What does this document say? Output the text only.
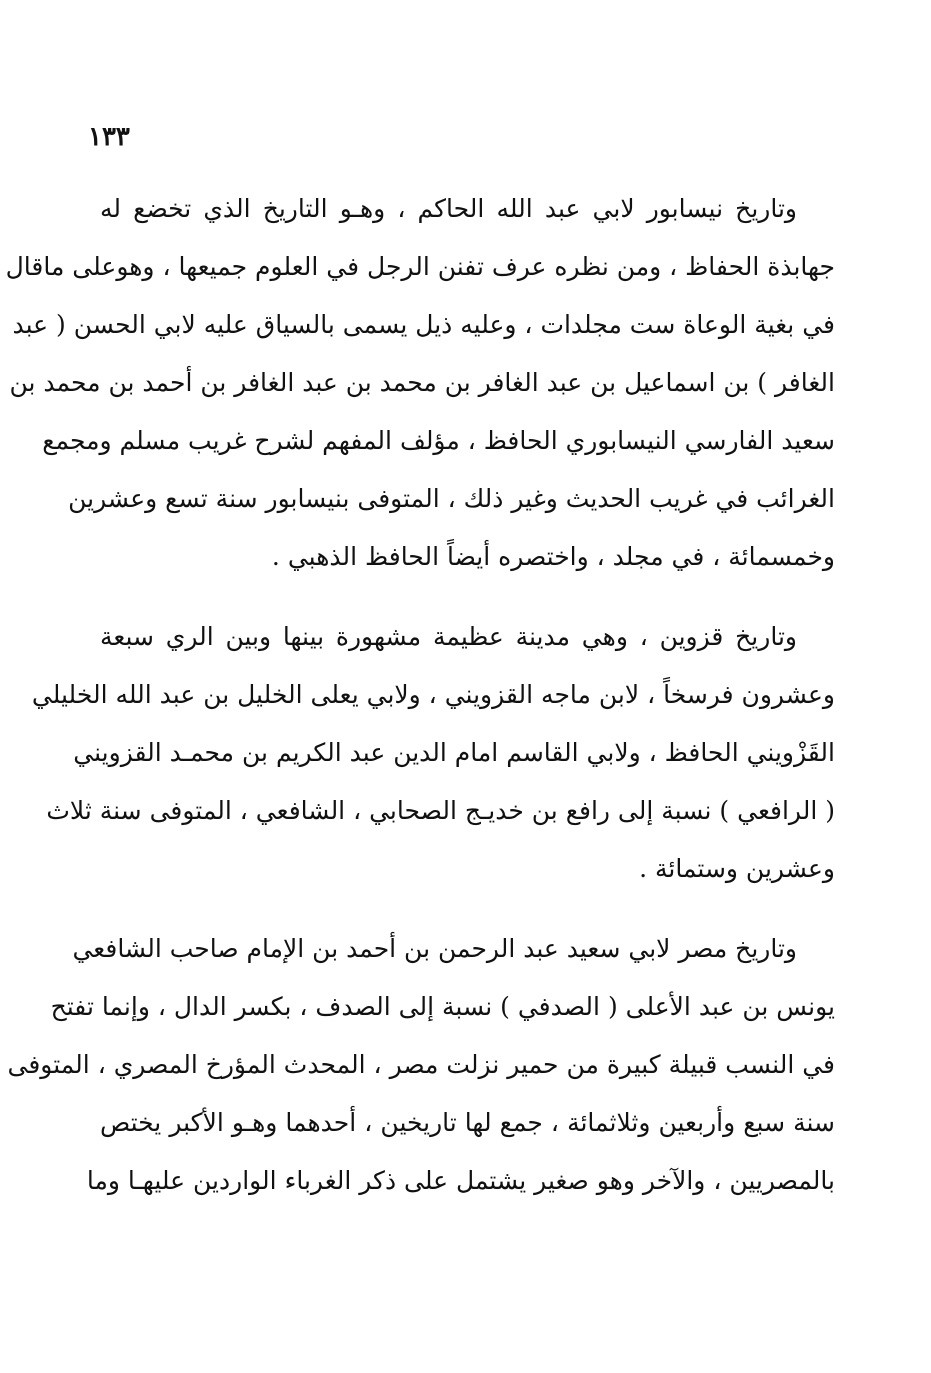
١٣٣
وتاريخ نيسابور لابي عبد الله الحاكم ، وهـو التاريخ الذي تخضع له
جهابذة الحفاظ ، ومن نظره عرف تفنن الرجل في العلوم جميعها ، وهوعلى ماقال
في بغية الوعاة ست مجلدات ، وعليه ذيل يسمى بالسياق عليه لابي الحسن ( عبد
الغافر ) بن اسماعيل بن عبد الغافر بن محمد بن عبد الغافر بن أحمد بن محمد بن
سعيد الفارسي النيسابوري الحافظ ، مؤلف المفهم لشرح غريب مسلم ومجمع
الغرائب في غريب الحديث وغير ذلك ، المتوفى بنيسابور سنة تسع وعشرين
وخمسمائة ، في مجلد ، واختصره أيضاً الحافظ الذهبي .
وتاريخ قزوين ، وهي مدينة عظيمة مشهورة بينها وبين الري سبعة
وعشرون فرسخاً ، لابن ماجه القزويني ، ولابي يعلى الخليل بن عبد الله الخليلي
القَزْويني الحافظ ، ولابي القاسم امام الدين عبد الكريم بن محمـد القزويني
( الرافعي ) نسبة إلى رافع بن خديـج الصحابي ، الشافعي ، المتوفى سنة ثلاث
وعشرين وستمائة .
وتاريخ مصر لابي سعيد عبد الرحمن بن أحمد بن الإمام صاحب الشافعي
يونس بن عبد الأعلى ( الصدفي ) نسبة إلى الصدف ، بكسر الدال ، وإنما تفتح
في النسب قبيلة كبيرة من حمير نزلت مصر ، المحدث المؤرخ المصري ، المتوفى
سنة سبع وأربعين وثلاثمائة ، جمع لها تاريخين ، أحدهما وهـو الأكبر يختص
بالمصريين ، والآخر وهو صغير يشتمل على ذكر الغرباء الواردين عليهـا وما
